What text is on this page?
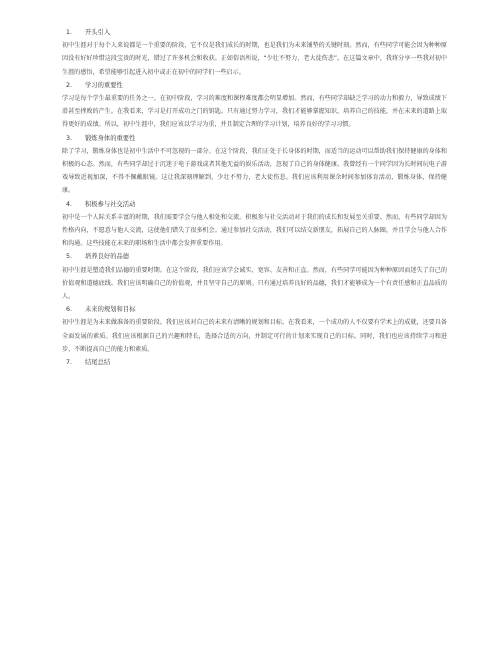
1. 开头引入
初中生涯对于每个人来说都是一个重要的阶段，它不仅是我们成长的时期，也是我们为未来铺垫的关键时刻。然而，有些同学可能会因为种种原因没有好好珍惜这段宝贵的时光，错过了许多机会和收获。正如俗语所说，“少壮不努力，老大徒伤悲”。在这篇文章中，我将分享一些我对初中生涯的感悟，希望能够引起进入初中或正在初中的同学们一些启示。
2. 学习的重要性
学习是每个学生最重要的任务之一。在初中阶段，学习的难度和课程难度都会明显增加。然而，有些同学却缺乏学习的动力和毅力，导致成绩下滑甚至挫败的产生。在我看来，学习是打开成功之门的钥匙。只有通过努力学习，我们才能够掌握知识，培养自己的技能，并在未来的道路上取得更好的成绩。所以，初中生涯中，我们应该以学习为重，并且制定合理的学习计划，培养良好的学习习惯。
3. 锻炼身体的重要性
除了学习，锻炼身体也是初中生活中不可忽视的一部分。在这个阶段，我们正处于长身体的时期，而适当的运动可以帮助我们保持健康的身体和积极的心态。然而，有些同学却过于沉迷于电子游戏或者其他无益的娱乐活动，忽视了自己的身体健康。我曾经有一个同学因为长时间玩电子游戏导致近视加深，不得不佩戴眼镜。这让我深刻理解到，少壮不努力，老大徒伤悲。我们应该利用课余时间参加体育活动，锻炼身体，保持健康。
4. 积极参与社交活动
初中是一个人际关系丰富的时期，我们需要学会与他人相处和交流。积极参与社交活动对于我们的成长和发展至关重要。然而，有些同学却因为性格内向，不愿意与他人交流，这使他们错失了很多机会。通过参加社交活动，我们可以结交新朋友，拓展自己的人脉圈，并且学会与他人合作和沟通。这些技能在未来的职场和生活中都会发挥重要作用。
5. 培养良好的品德
初中生涯是塑造我们品德的重要时期。在这个阶段，我们应该学会诚实、宽容、友善和正直。然而，有些同学可能因为种种原因而迷失了自己的价值观和道德底线。我们应该明确自己的价值观，并且坚守自己的原则。只有通过培养良好的品德，我们才能够成为一个有责任感和正直品质的人。
6. 未来的规划和目标
初中生涯是为未来做准备的重要阶段。我们应该对自己的未来有清晰的规划和目标。在我看来，一个成功的人不仅要有学术上的成就，还要具备全面发展的素质。我们应该根据自己的兴趣和特长，选择合适的方向，并制定可行的计划来实现自己的目标。同时，我们也应该持续学习和进步，不断提高自己的能力和素质。
7. 结尾总结
